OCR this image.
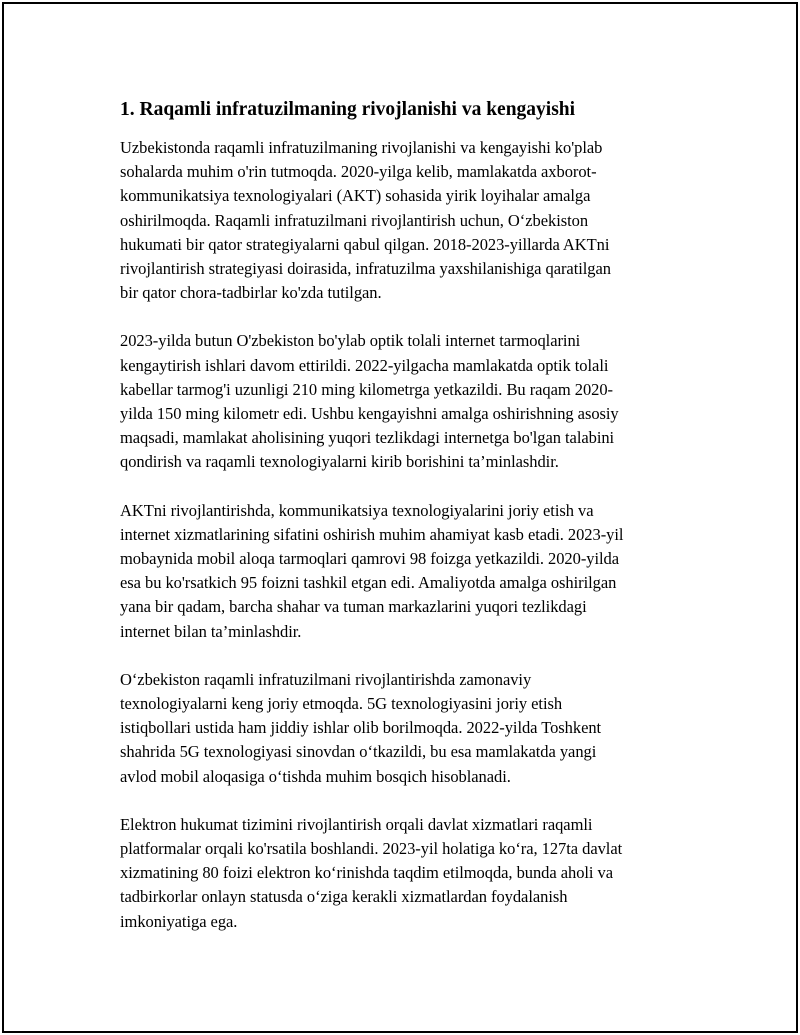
1. Raqamli infratuzilmaning rivojlanishi va kengayishi

Uzbekistonda raqamli infratuzilmaning rivojlanishi va kengayishi ko'plab
sohalarda muhim o'rin tutmoqda. 2020-yilga kelib, mamlakatda axborot-
kommunikatsiya texnologiyalari (AKT) sohasida yirik loyihalar amalga
oshirilmoqda. Raqamli infratuzilmani rivojlantirish uchun, O‘zbekiston
hukumati bir qator strategiyalarni qabul qilgan. 2018-2023-yillarda AKTni
rivojlantirish strategiyasi doirasida, infratuzilma yaxshilanishiga qaratilgan
bir qator chora-tadbirlar ko'zda tutilgan.

2023-yilda butun O'zbekiston bo'ylab optik tolali internet tarmoqlarini
kengaytirish ishlari davom ettirildi. 2022-yilgacha mamlakatda optik tolali
kabellar tarmog'i uzunligi 210 ming kilometrga yetkazildi. Bu raqam 2020-
yilda 150 ming kilometr edi. Ushbu kengayishni amalga oshirishning asosiy
maqsadi, mamlakat aholisining yuqori tezlikdagi internetga bo'lgan talabini
qondirish va raqamli texnologiyalarni kirib borishini ta’minlashdir.

AKTni rivojlantirishda, kommunikatsiya texnologiyalarini joriy etish va
internet xizmatlarining sifatini oshirish muhim ahamiyat kasb etadi. 2023-yil
mobaynida mobil aloqa tarmoqlari qamrovi 98 foizga yetkazildi. 2020-yilda
esa bu ko'rsatkich 95 foizni tashkil etgan edi. Amaliyotda amalga oshirilgan
yana bir qadam, barcha shahar va tuman markazlarini yuqori tezlikdagi
internet bilan ta’minlashdir.

O‘zbekiston raqamli infratuzilmani rivojlantirishda zamonaviy
texnologiyalarni keng joriy etmoqda. 5G texnologiyasini joriy etish
istiqbollari ustida ham jiddiy ishlar olib borilmoqda. 2022-yilda Toshkent
shahrida 5G texnologiyasi sinovdan o‘tkazildi, bu esa mamlakatda yangi
avlod mobil aloqasiga o‘tishda muhim bosqich hisoblanadi.

Elektron hukumat tizimini rivojlantirish orqali davlat xizmatlari raqamli
platformalar orqali ko'rsatila boshlandi. 2023-yil holatiga ko‘ra, 127ta davlat
xizmatining 80 foizi elektron ko‘rinishda taqdim etilmoqda, bunda aholi va
tadbirkorlar onlayn statusda o‘ziga kerakli xizmatlardan foydalanish
imkoniyatiga ega.
